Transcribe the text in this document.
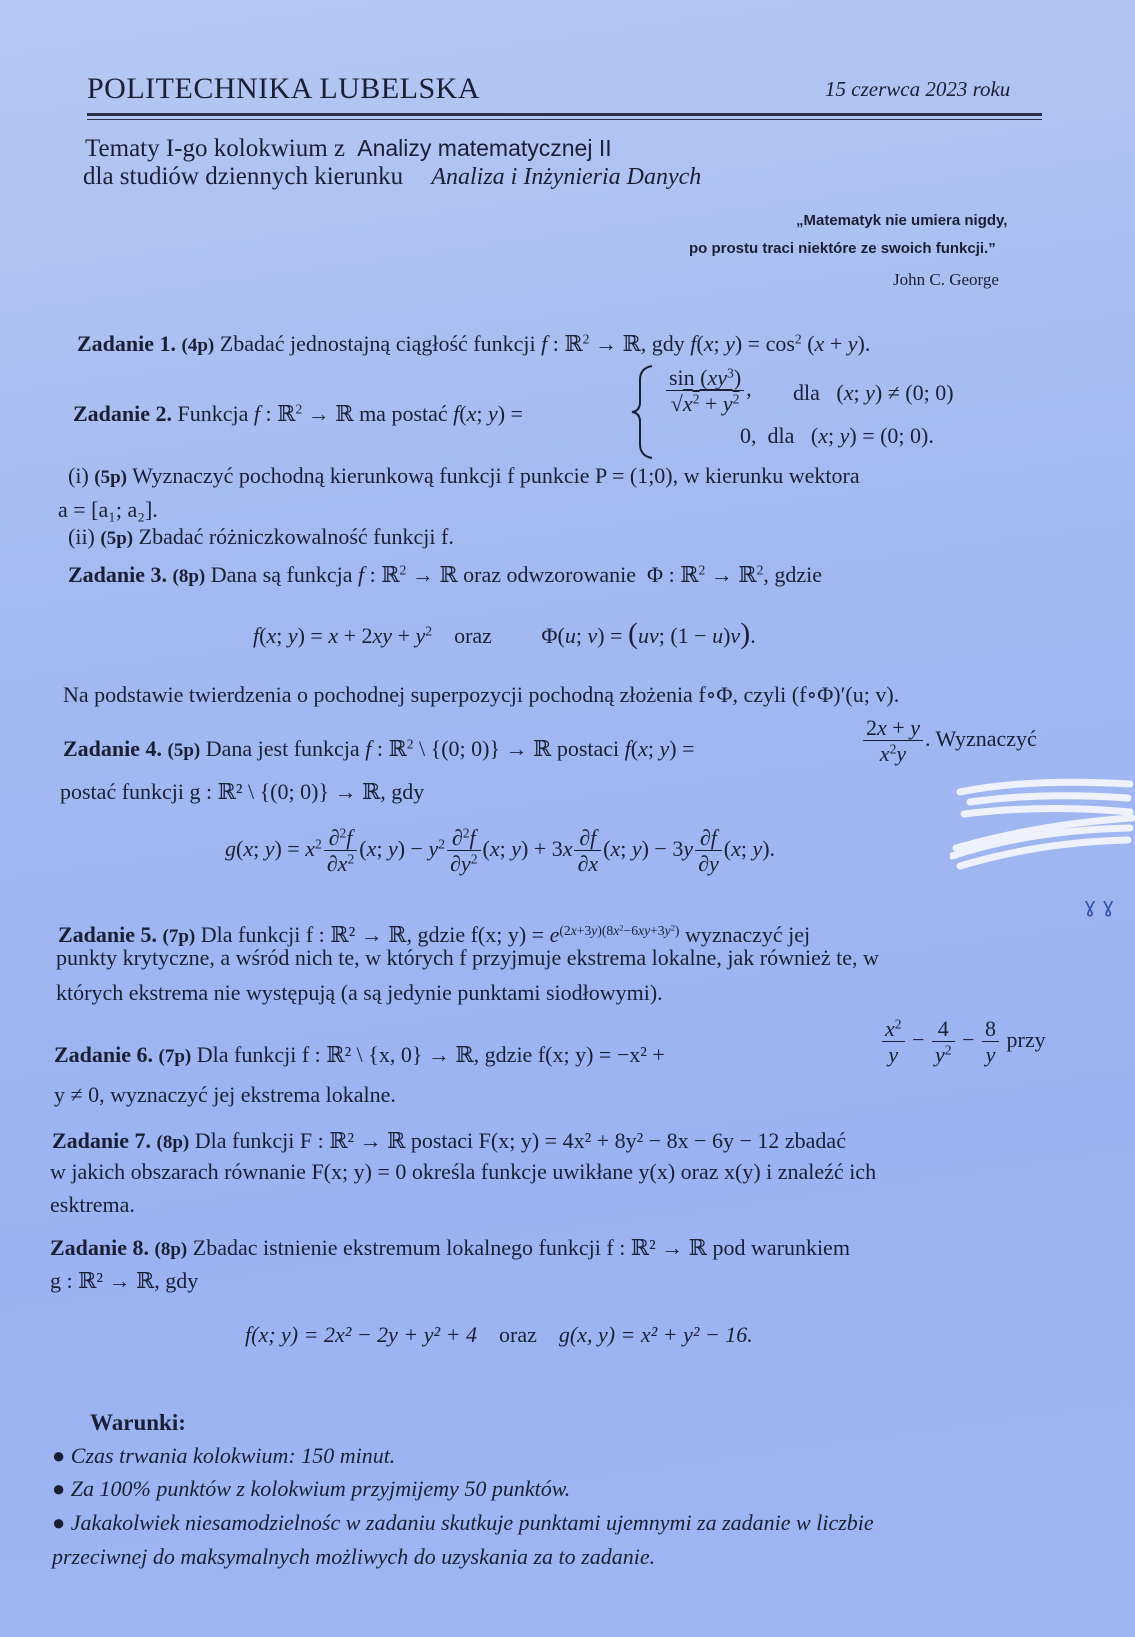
POLITECHNIKA LUBELSKA	15 czerwca 2023 roku
Tematy I-go kolokwium z Analizy matematycznej II
dla studiów dziennych kierunku Analiza i Inżynieria Danych
„Matematyk nie umiera nigdy,
po prostu traci niektóre ze swoich funkcji.”
John C. George
Zadanie 1. (4p) Zbadać jednostajną ciągłość funkcji f : ℝ$^2$ → ℝ, gdy f(x; $y) = \cos^2 (x + y)$.
Zadanie 2. Funkcja f : ℝ$^2$ → ℝ ma postać f(x; y) =	$\frac{\sin (xy^3)}{√x^2 + y^2}$ , dla   (x; y) ≠ (0; 0)
0, dla   (x; y) = (0; 0).
(i) (5p) Wyznaczyć pochodną kierunkową funkcji f punkcie P = (1;0), w kierunku wektora
a = [a₁; a₂].
(ii) (5p) Zbadać różniczkowalność funkcji f.
Zadanie 3. (8p) Dana są funkcja f : ℝ$^2$ → ℝ oraz odwzorowanie  Φ : ℝ$^2$ → ℝ$^2$, gdzie
f(x; $y) = x + 2xy + y^2$ oraz         Φ(u; v) = (uv; (1 − u)v).
Na podstawie twierdzenia o pochodnej superpozycji pochodną złożenia f∘Φ, czyli (f∘Φ)′(u; v).
Zadanie 4. (5p) Dana jest funkcja f : ℝ$^2$ \ {(0; 0)} → ℝ postaci f(x; y) =	$\frac{2x + y}{x^2y}$ . Wyznaczyć
postać funkcji g : ℝ² \ {(0; 0)} → ℝ, gdy
g(x; $y) = x^2 \frac{\partial^2f}{\partial x^2} (x$; $y) - y^2 \frac{\partial^2f}{\partial y^2} (x$; $y) + 3x \frac{\partial f}{\partial x} (x$; $y) - 3y \frac{\partial f}{\partial y} (x$; y).
Zadanie 5. (7p) Dla funkcji f : ℝ² → ℝ, gdzie f(x; $y) = e^{(2x+3y)(8x^2-6xy+3y^2)}$ wyznaczyć jej
punkty krytyczne, a wśród nich te, w których f przyjmuje ekstrema lokalne, jak również te, w
których ekstrema nie występują (a są jedynie punktami siodłowymi).
ɣ ɣ
Zadanie 6. (7p) Dla funkcji f : ℝ² \ {x, 0} → ℝ, gdzie f(x; y) = −x² +	$\frac{x^2}{y} - \frac{4}{y^2} - \frac{8}{y}$ przy
y ≠ 0, wyznaczyć jej ekstrema lokalne.
Zadanie 7. (8p) Dla funkcji F : ℝ² → ℝ postaci F(x; y) = 4x² + 8y² − 8x − 6y − 12 zbadać
w jakich obszarach równanie F(x; y) = 0 określa funkcje uwikłane y(x) oraz x(y) i znaleźć ich
esktrema.
Zadanie 8. (8p) Zbadac istnienie ekstremum lokalnego funkcji f : ℝ² → ℝ pod warunkiem
g : ℝ² → ℝ, gdy
f(x; y) = 2x² − 2y + y² + 4 oraz g(x, y) = x² + y² − 16.
Warunki:
● Czas trwania kolokwium: 150 minut.
● Za 100% punktów z kolokwium przyjmijemy 50 punktów.
● Jakakolwiek niesamodzielnośc w zadaniu skutkuje punktami ujemnymi za zadanie w liczbie
przeciwnej do maksymalnych możliwych do uzyskania za to zadanie.
